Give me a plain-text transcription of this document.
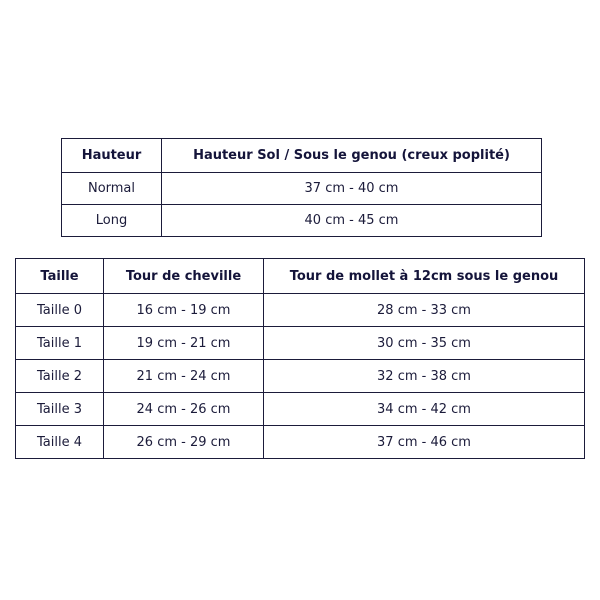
Hauteur	Hauteur Sol / Sous le genou (creux poplité)
Normal	37 cm - 40 cm
Long	40 cm - 45 cm
Taille	Tour de cheville	Tour de mollet à 12cm sous le genou
Taille 0	16 cm - 19 cm	28 cm - 33 cm
Taille 1	19 cm - 21 cm	30 cm - 35 cm
Taille 2	21 cm - 24 cm	32 cm - 38 cm
Taille 3	24 cm - 26 cm	34 cm - 42 cm
Taille 4	26 cm - 29 cm	37 cm - 46 cm
